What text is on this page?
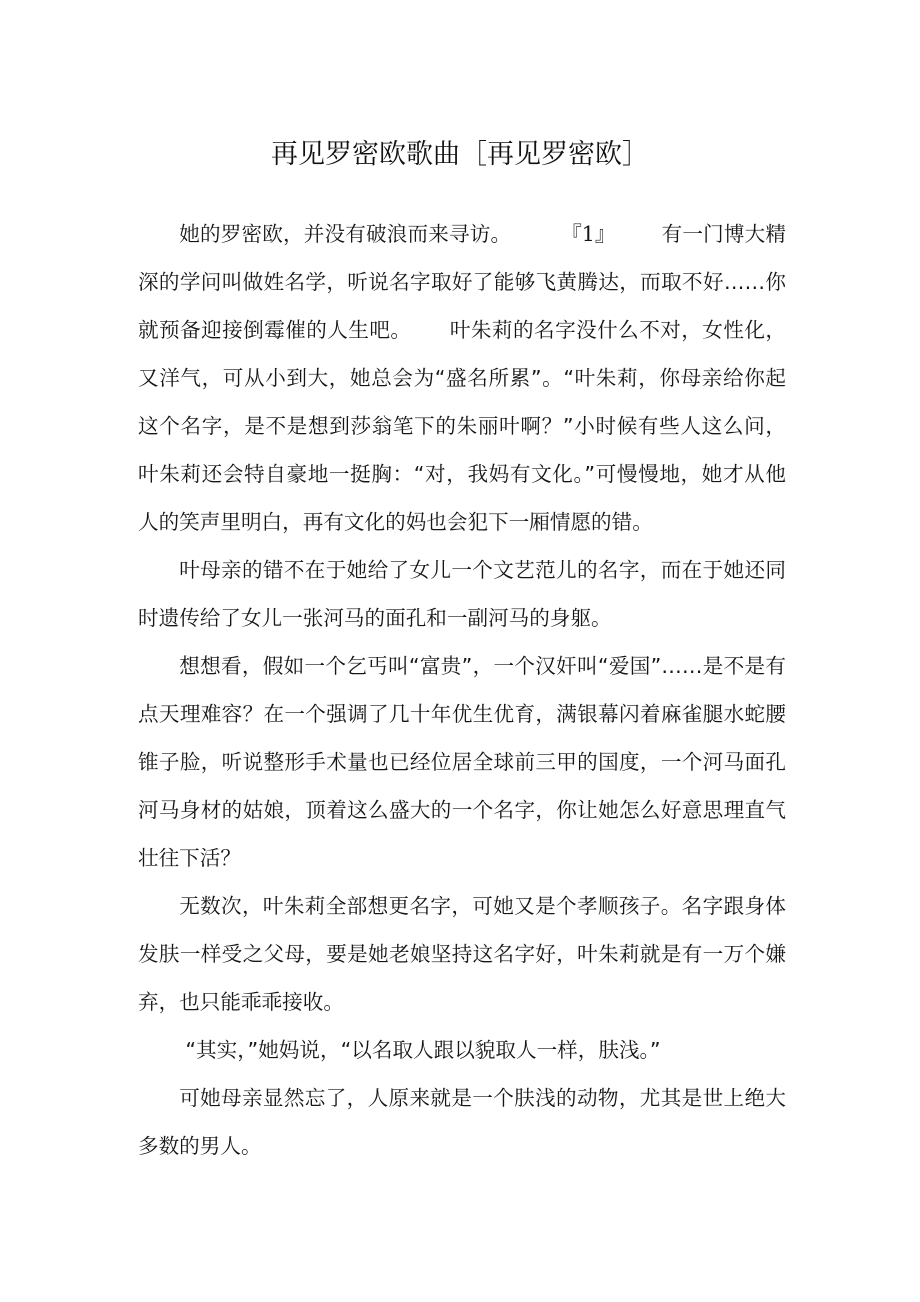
再见罗密欧歌曲［再见罗密欧］

她的罗密欧，并没有破浪而来寻访。 『1』 有一门博大精深的学问叫做姓名学，听说名字取好了能够飞黄腾达，而取不好……你就预备迎接倒霉催的人生吧。 叶朱莉的名字没什么不对，女性化，又洋气，可从小到大，她总会为“盛名所累”。“叶朱莉，你母亲给你起这个名字，是不是想到莎翁笔下的朱丽叶啊？”小时候有些人这么问，叶朱莉还会特自豪地一挺胸：“对，我妈有文化。”可慢慢地，她才从他人的笑声里明白，再有文化的妈也会犯下一厢情愿的错。

叶母亲的错不在于她给了女儿一个文艺范儿的名字，而在于她还同时遗传给了女儿一张河马的面孔和一副河马的身躯。

想想看，假如一个乞丐叫“富贵”，一个汉奸叫“爱国”……是不是有点天理难容？在一个强调了几十年优生优育，满银幕闪着麻雀腿水蛇腰锥子脸，听说整形手术量也已经位居全球前三甲的国度，一个河马面孔河马身材的姑娘，顶着这么盛大的一个名字，你让她怎么好意思理直气壮往下活？

无数次，叶朱莉全部想更名字，可她又是个孝顺孩子。名字跟身体发肤一样受之父母，要是她老娘坚持这名字好，叶朱莉就是有一万个嫌弃，也只能乖乖接收。

“其实，”她妈说，“以名取人跟以貌取人一样，肤浅。”

可她母亲显然忘了，人原来就是一个肤浅的动物，尤其是世上绝大多数的男人。
